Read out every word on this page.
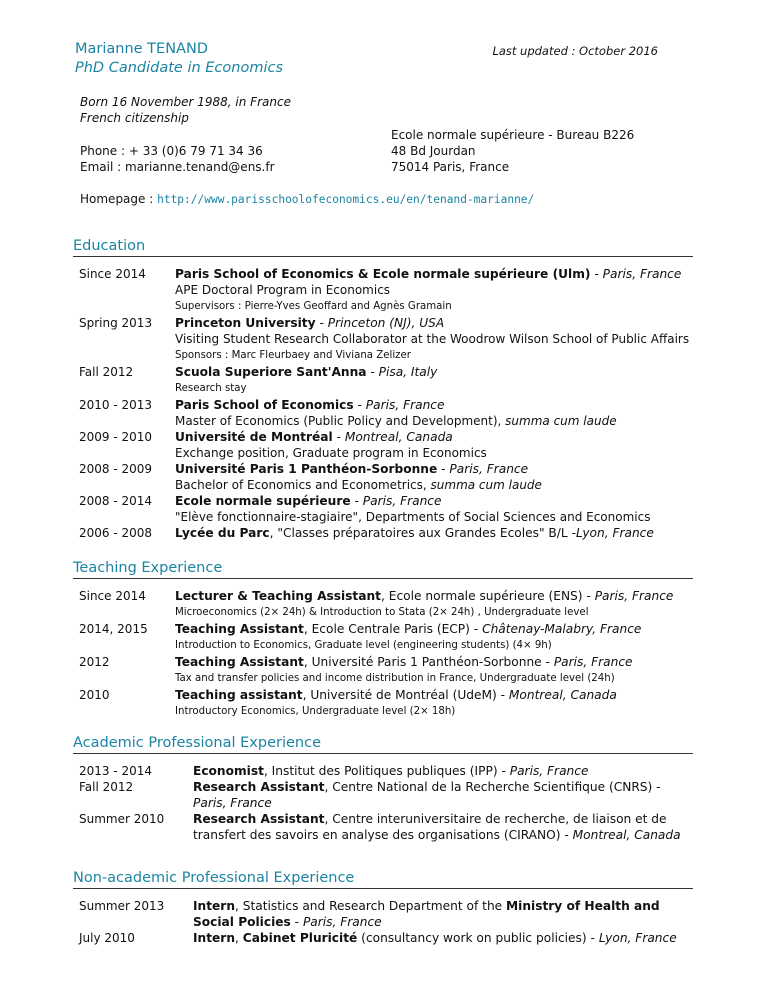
Marianne TENAND
PhD Candidate in Economics
Last updated : October 2016
Born 16 November 1988, in France
French citizenship
Phone : + 33 (0)6 79 71 34 36
Email : marianne.tenand@ens.fr
Ecole normale supérieure - Bureau B226
48 Bd Jourdan
75014 Paris, France
Homepage : http://www.parisschoolofeconomics.eu/en/tenand-marianne/
Education
Since 2014	Paris School of Economics & Ecole normale supérieure (Ulm) - Paris, France
APE Doctoral Program in Economics
Supervisors : Pierre-Yves Geoffard and Agnès Gramain
Spring 2013	Princeton University - Princeton (NJ), USA
Visiting Student Research Collaborator at the Woodrow Wilson School of Public Affairs
Sponsors : Marc Fleurbaey and Viviana Zelizer
Fall 2012	Scuola Superiore Sant'Anna - Pisa, Italy
Research stay
2010 - 2013	Paris School of Economics - Paris, France
Master of Economics (Public Policy and Development), summa cum laude
2009 - 2010	Université de Montréal - Montreal, Canada
Exchange position, Graduate program in Economics
2008 - 2009	Université Paris 1 Panthéon-Sorbonne - Paris, France
Bachelor of Economics and Econometrics, summa cum laude
2008 - 2014	Ecole normale supérieure - Paris, France
"Elève fonctionnaire-stagiaire", Departments of Social Sciences and Economics
2006 - 2008	Lycée du Parc, "Classes préparatoires aux Grandes Ecoles" B/L -Lyon, France
Teaching Experience
Since 2014	Lecturer & Teaching Assistant, Ecole normale supérieure (ENS) - Paris, France
Microeconomics (2× 24h) & Introduction to Stata (2× 24h) , Undergraduate level
2014, 2015	Teaching Assistant, Ecole Centrale Paris (ECP) - Châtenay-Malabry, France
Introduction to Economics, Graduate level (engineering students) (4× 9h)
2012	Teaching Assistant, Université Paris 1 Panthéon-Sorbonne - Paris, France
Tax and transfer policies and income distribution in France, Undergraduate level (24h)
2010	Teaching assistant, Université de Montréal (UdeM) - Montreal, Canada
Introductory Economics, Undergraduate level (2× 18h)
Academic Professional Experience
2013 - 2014	Economist, Institut des Politiques publiques (IPP) - Paris, France
Fall 2012	Research Assistant, Centre National de la Recherche Scientifique (CNRS) - Paris, France
Summer 2010	Research Assistant, Centre interuniversitaire de recherche, de liaison et de transfert des savoirs en analyse des organisations (CIRANO) - Montreal, Canada
Non-academic Professional Experience
Summer 2013	Intern, Statistics and Research Department of the Ministry of Health and Social Policies - Paris, France
July 2010	Intern, Cabinet Pluricité (consultancy work on public policies) - Lyon, France
